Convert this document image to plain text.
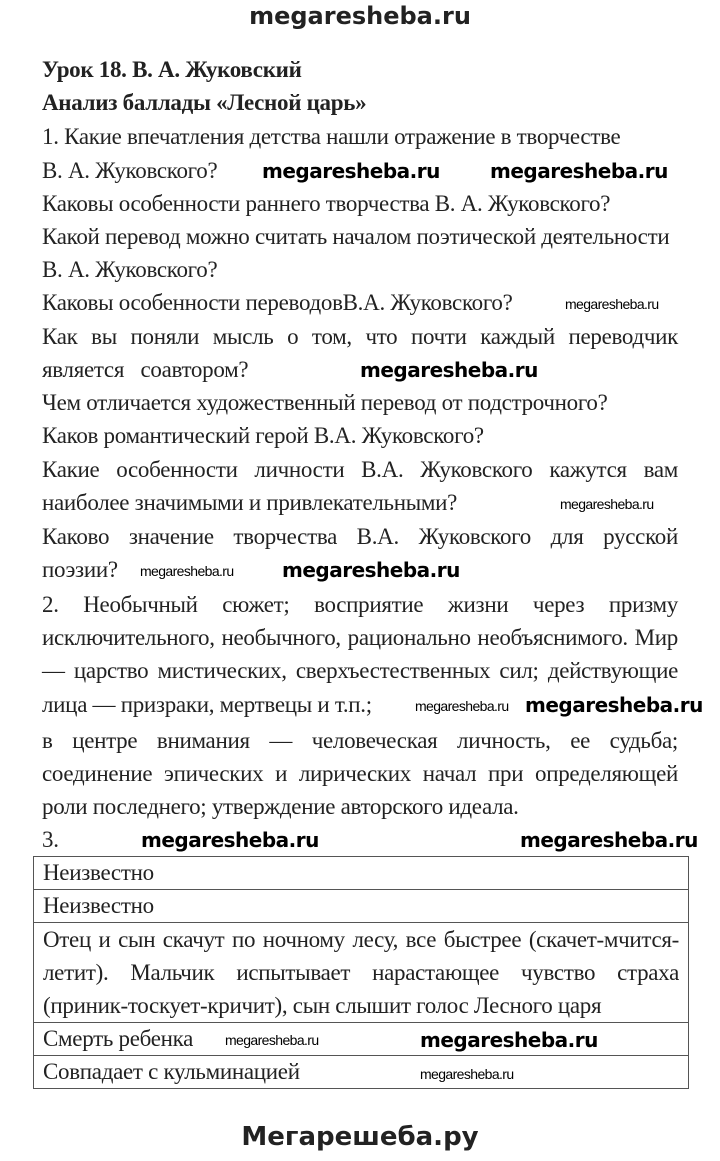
megaresheba.ru
Урок 18. В. А. Жуковский
Анализ баллады «Лесной царь»
1. Какие впечатления детства нашли отражение в творчестве
В. А. Жуковского?
Каковы особенности раннего творчества В. А. Жуковского?
Какой перевод можно считать началом поэтической деятельности
В. А. Жуковского?
Каковы особенности переводовВ.А. Жуковского?
Как вы поняли мысль о том, что почти каждый переводчик
является   соавтором?
Чем отличается художественный перевод от подстрочного?
Каков романтический герой В.А. Жуковского?
Какие особенности личности В.А. Жуковского кажутся вам
наиболее значимыми и привлекательными?
Каково значение творчества В.А. Жуковского для русской
поэзии?
2. Необычный сюжет; восприятие жизни через призму
исключительного, необычного, рационально необъяснимого. Мир
— царство мистических, сверхъестественных сил; действующие
лица — призраки, мертвецы и т.п.;
в центре внимания — человеческая личность, ее судьба;
соединение эпических и лирических начал при определяющей
роли последнего; утверждение авторского идеала.
3.
Неизвестно
Неизвестно
Отец и сын скачут по ночному лесу, все быстрее (скачет-мчится-летит). Мальчик испытывает нарастающее чувство страха (приник-тоскует-кричит), сын слышит голос Лесного царя
Смерть ребенка
Совпадает с кульминацией
megaresheba.ru	megaresheba.ru
megaresheba.ru
megaresheba.ru
megaresheba.ru
megaresheba.ru	megaresheba.ru
megaresheba.ru
megaresheba.ru
megaresheba.ru
megaresheba.ru
megaresheba.ru
megaresheba.ru
megaresheba.ru
Мегарешеба.ру
